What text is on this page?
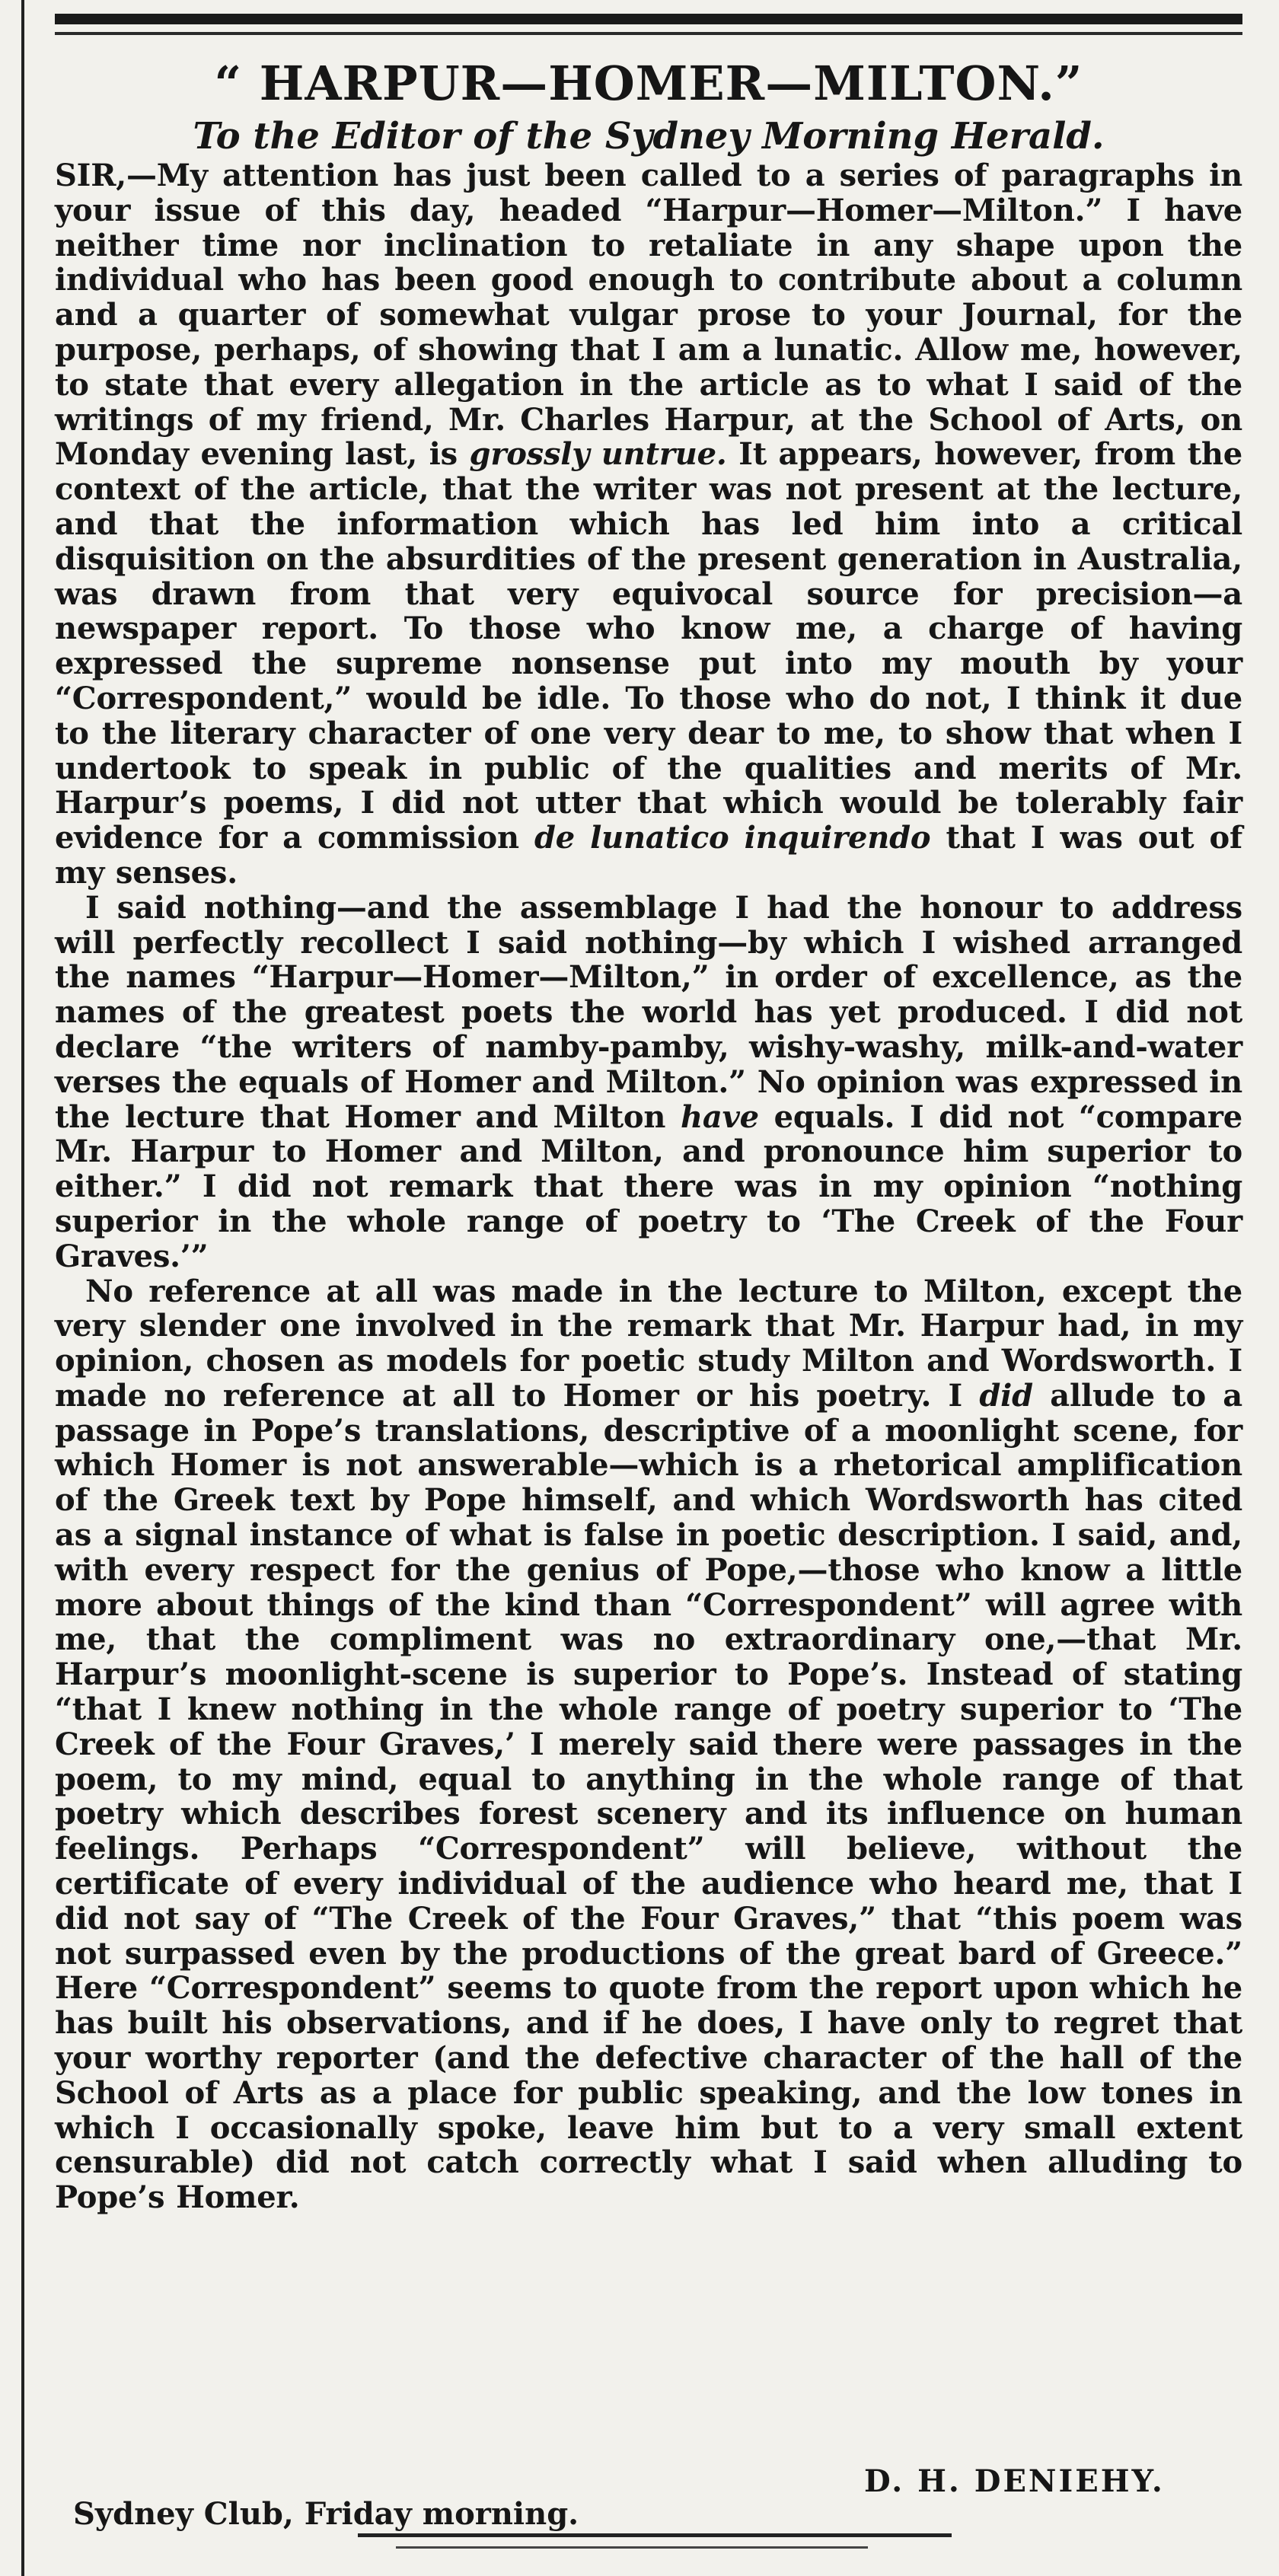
“ HARPUR—HOMER—MILTON.”
To the Editor of the Sydney Morning Herald.

SIR,—My attention has just been called to a series of paragraphs in your issue of this day, headed “Harpur—Homer—Milton.” I have neither time nor inclination to retaliate in any shape upon the individual who has been good enough to contribute about a column and a quarter of somewhat vulgar prose to your Journal, for the purpose, perhaps, of showing that I am a lunatic. Allow me, however, to state that every allegation in the article as to what I said of the writings of my friend, Mr. Charles Harpur, at the School of Arts, on Monday evening last, is grossly untrue. It appears, however, from the context of the article, that the writer was not present at the lecture, and that the information which has led him into a critical disquisition on the absurdities of the present generation in Australia, was drawn from that very equivocal source for precision—a newspaper report. To those who know me, a charge of having expressed the supreme nonsense put into my mouth by your “Correspondent,” would be idle. To those who do not, I think it due to the literary character of one very dear to me, to show that when I undertook to speak in public of the qualities and merits of Mr. Harpur’s poems, I did not utter that which would be tolerably fair evidence for a commission de lunatico inquirendo that I was out of my senses.

I said nothing—and the assemblage I had the honour to address will perfectly recollect I said nothing—by which I wished arranged the names “Harpur—Homer—Milton,” in order of excellence, as the names of the greatest poets the world has yet produced. I did not declare “the writers of namby-pamby, wishy-washy, milk-and-water verses the equals of Homer and Milton.” No opinion was expressed in the lecture that Homer and Milton have equals. I did not “compare Mr. Harpur to Homer and Milton, and pronounce him superior to either.” I did not remark that there was in my opinion “nothing superior in the whole range of poetry to ‘The Creek of the Four Graves.’”

No reference at all was made in the lecture to Milton, except the very slender one involved in the remark that Mr. Harpur had, in my opinion, chosen as models for poetic study Milton and Wordsworth. I made no reference at all to Homer or his poetry. I did allude to a passage in Pope’s translations, descriptive of a moonlight scene, for which Homer is not answerable—which is a rhetorical amplification of the Greek text by Pope himself, and which Wordsworth has cited as a signal instance of what is false in poetic description. I said, and, with every respect for the genius of Pope,—those who know a little more about things of the kind than “Correspondent” will agree with me, that the compliment was no extraordinary one,—that Mr. Harpur’s moonlight-scene is superior to Pope’s. Instead of stating “that I knew nothing in the whole range of poetry superior to ‘The Creek of the Four Graves,’ I merely said there were passages in the poem, to my mind, equal to anything in the whole range of that poetry which describes forest scenery and its influence on human feelings. Perhaps “Correspondent” will believe, without the certificate of every individual of the audience who heard me, that I did not say of “The Creek of the Four Graves,” that “this poem was not surpassed even by the productions of the great bard of Greece.” Here “Correspondent” seems to quote from the report upon which he has built his observations, and if he does, I have only to regret that your worthy reporter (and the defective character of the hall of the School of Arts as a place for public speaking, and the low tones in which I occasionally spoke, leave him but to a very small extent censurable) did not catch correctly what I said when alluding to Pope’s Homer.

D. H. DENIEHY.
Sydney Club, Friday morning.
